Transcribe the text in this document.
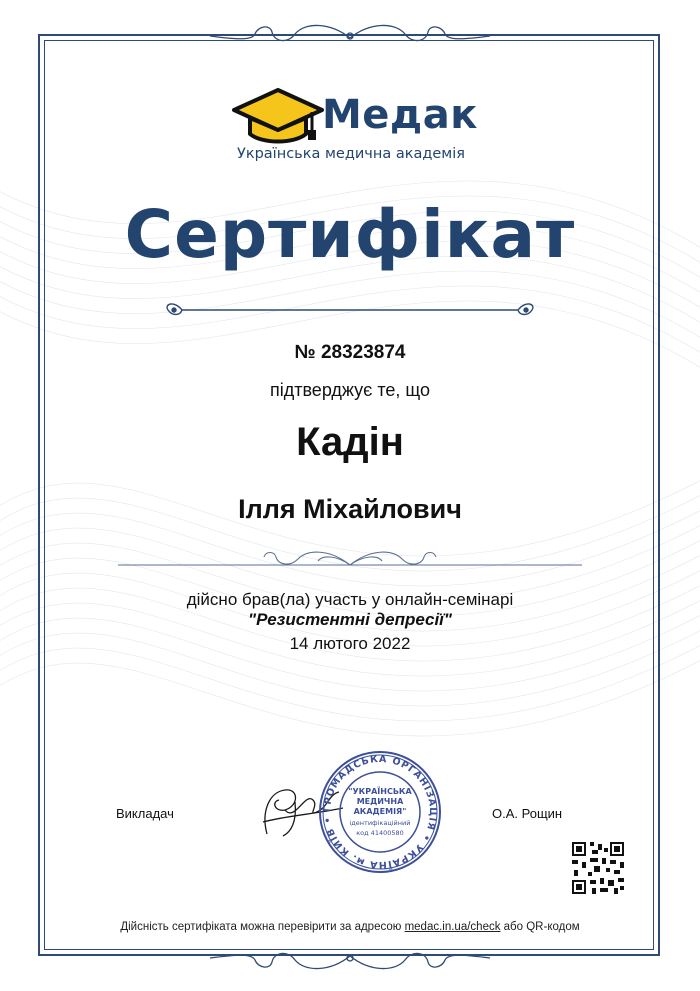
Медак
Українська медична академія
Сертифікат
№ 28323874
підтверджує те, що
Кадін
Ілля Міхайлович
дійсно брав(ла) участь у онлайн-семінарі
"Резистентні депресії"
14 лютого 2022
Викладач	О.А. Рощин
ГРОМАДСЬКА ОРГАНІЗАЦІЯ • УКРАЇНА м. КИЇВ •
"УКРАЇНСЬКА
МЕДИЧНА
АКАДЕМІЯ"
ідентифікаційний
код 41400580
Дійсність сертифіката можна перевірити за адресою medac.in.ua/check або QR-кодом
